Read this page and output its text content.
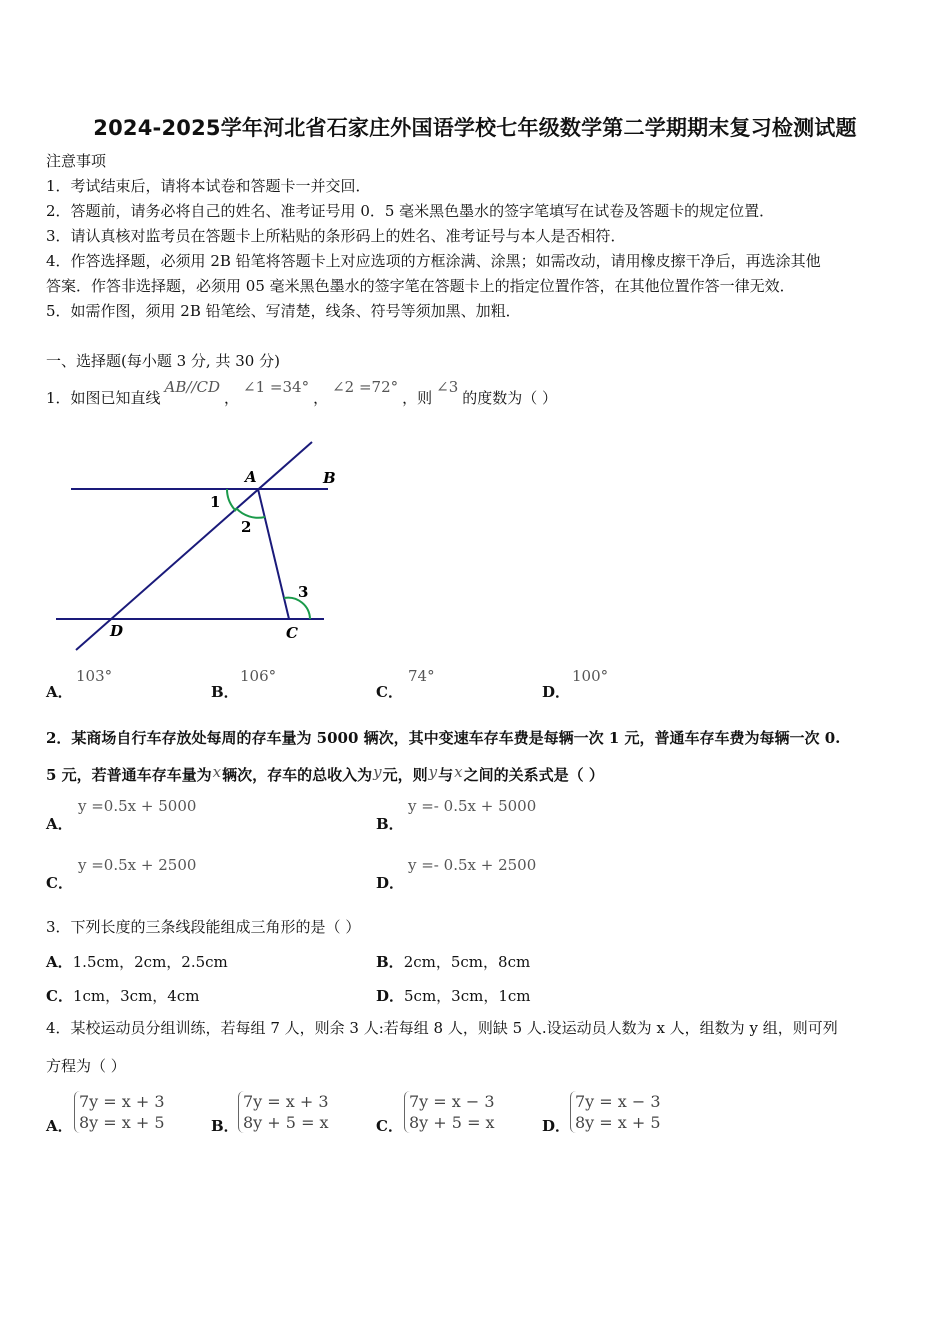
2024-2025学年河北省石家庄外国语学校七年级数学第二学期期末复习检测试题
注意事项
1．考试结束后，请将本试卷和答题卡一并交回．
2．答题前，请务必将自己的姓名、准考证号用 0．5 毫米黑色墨水的签字笔填写在试卷及答题卡的规定位置．
3．请认真核对监考员在答题卡上所粘贴的条形码上的姓名、准考证号与本人是否相符．
4．作答选择题，必须用 2B 铅笔将答题卡上对应选项的方框涂满、涂黑；如需改动，请用橡皮擦干净后，再选涂其他
答案．作答非选择题，必须用 05 毫米黑色墨水的签字笔在答题卡上的指定位置作答，在其他位置作答一律无效．
5．如需作图，须用 2B 铅笔绘、写清楚，线条、符号等须加黑、加粗．
一、选择题(每小题 3 分, 共 30 分)
1．如图已知直线AB//CD，∠1 =34°，∠2 =72°，则∠3的度数为（ ）
A	B
C
D
1
2
3
A．
103°
B．
106°
C．
74°
D．
100°
2．某商场自行车存放处每周的存车量为 5000 辆次，其中变速车存车费是每辆一次 1 元，普通车存车费为每辆一次 0.
5 元，若普通车存车量为x辆次，存车的总收入为y元，则y与x之间的关系式是（ ）
A．
y =0.5x + 5000
B．
y =- 0.5x + 5000
C．
y =0.5x + 2500
D．
y =- 0.5x + 2500
3．下列长度的三条线段能组成三角形的是（ ）
A．1.5cm，2cm，2.5cm	B．2cm，5cm，8cm
C．1cm，3cm，4cm	D．5cm，3cm，1cm
4．某校运动员分组训练，若每组 7 人，则余 3 人:若每组 8 人，则缺 5 人.设运动员人数为 x 人，组数为 y 组，则可列
方程为（ ）
A．
7y = x + 3
8y = x + 5	B．
7y = x + 3
8y + 5 = x	C．
7y = x − 3
8y + 5 = x	D．
7y = x − 3
8y = x + 5
